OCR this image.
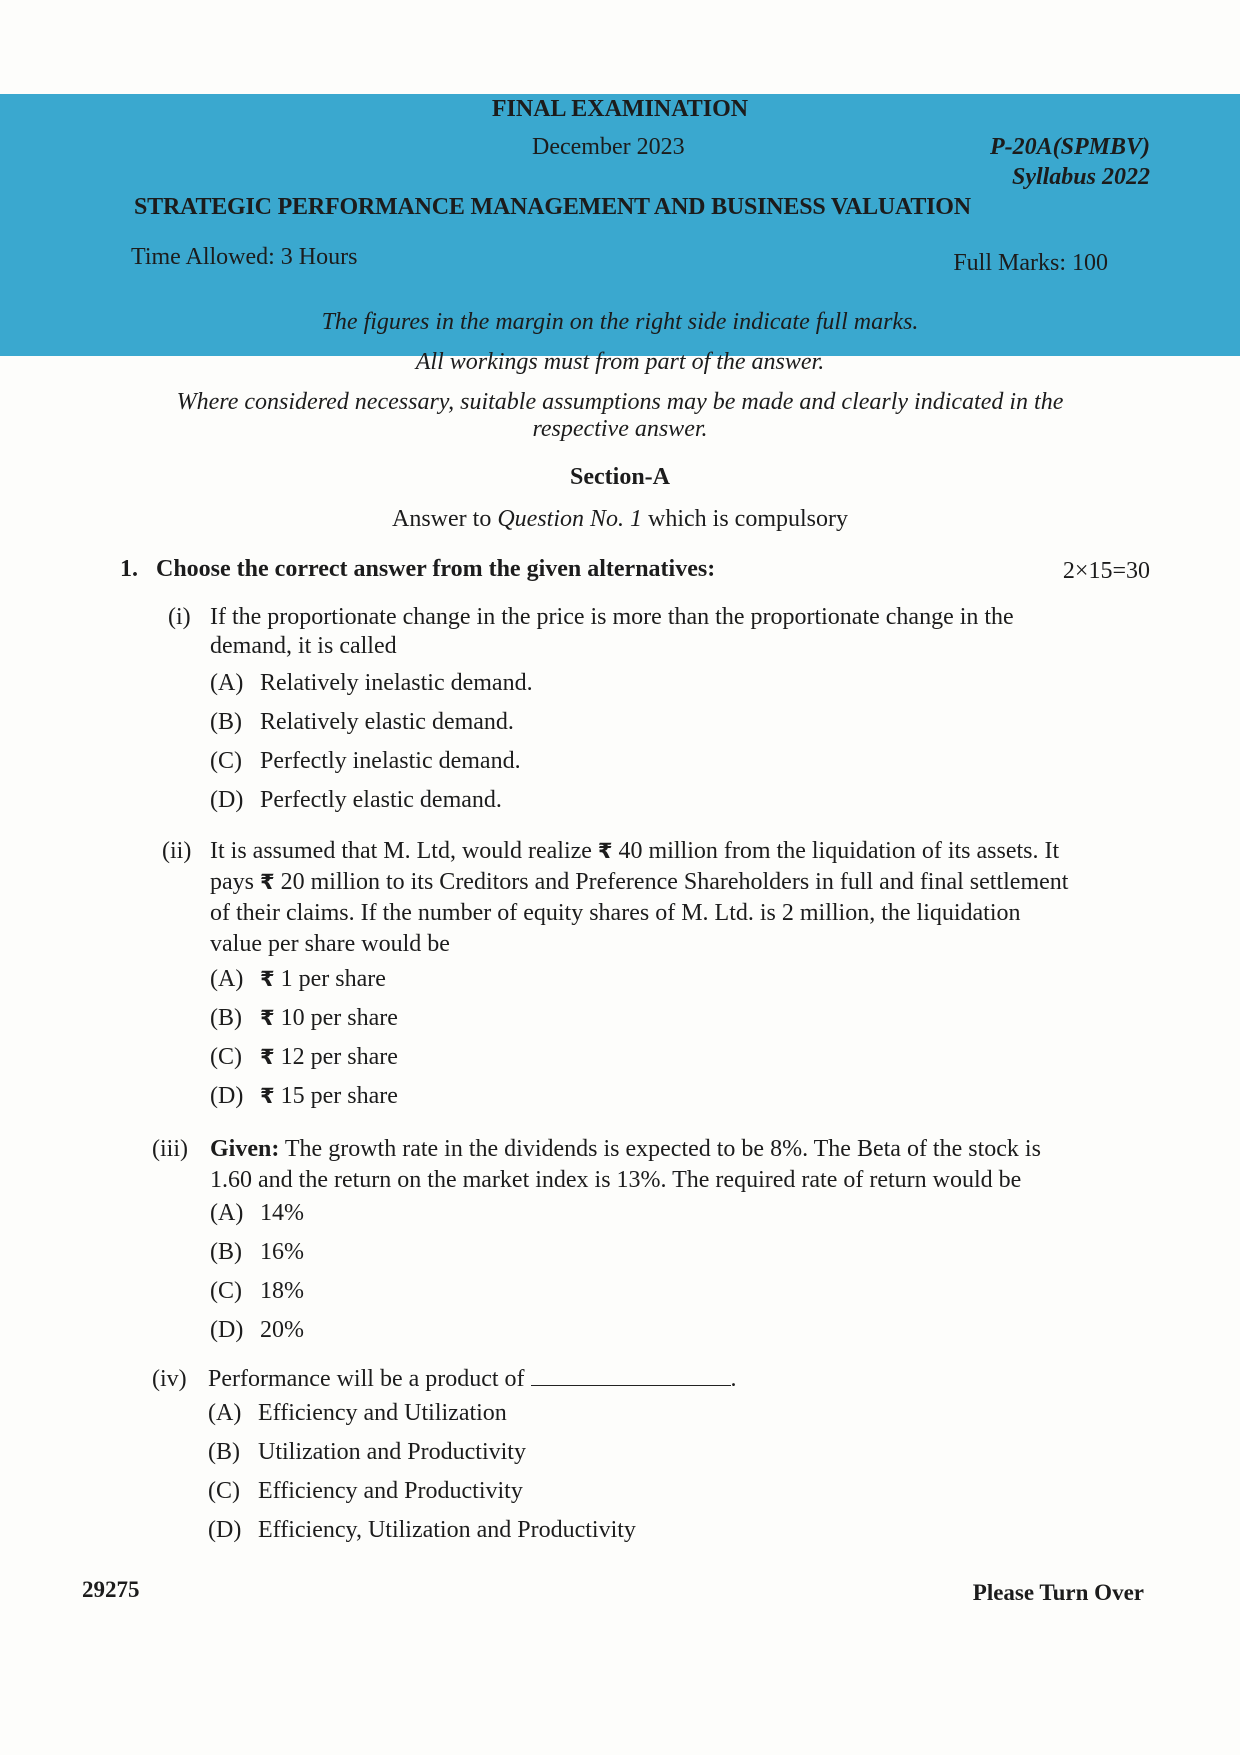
FINAL EXAMINATION
December 2023	P-20A(SPMBV)
Syllabus 2022
STRATEGIC PERFORMANCE MANAGEMENT AND BUSINESS VALUATION
Time Allowed: 3 Hours	Full Marks: 100
The figures in the margin on the right side indicate full marks.
All workings must from part of the answer.
Where considered necessary, suitable assumptions may be made and clearly indicated in the
respective answer.
Section-A
Answer to Question No. 1 which is compulsory
1. Choose the correct answer from the given alternatives:	2×15=30
(i) If the proportionate change in the price is more than the proportionate change in the
demand, it is called
(A) Relatively inelastic demand.
(B) Relatively elastic demand.
(C) Perfectly inelastic demand.
(D) Perfectly elastic demand.
(ii) It is assumed that M. Ltd, would realize ₹ 40 million from the liquidation of its assets. It
pays ₹ 20 million to its Creditors and Preference Shareholders in full and final settlement
of their claims. If the number of equity shares of M. Ltd. is 2 million, the liquidation
value per share would be
(A) ₹ 1 per share
(B) ₹ 10 per share
(C) ₹ 12 per share
(D) ₹ 15 per share
(iii) Given: The growth rate in the dividends is expected to be 8%. The Beta of the stock is
1.60 and the return on the market index is 13%. The required rate of return would be
(A) 14%
(B) 16%
(C) 18%
(D) 20%
(iv) Performance will be a product of	.
(A) Efficiency and Utilization
(B) Utilization and Productivity
(C) Efficiency and Productivity
(D) Efficiency, Utilization and Productivity
29275	Please Turn Over
